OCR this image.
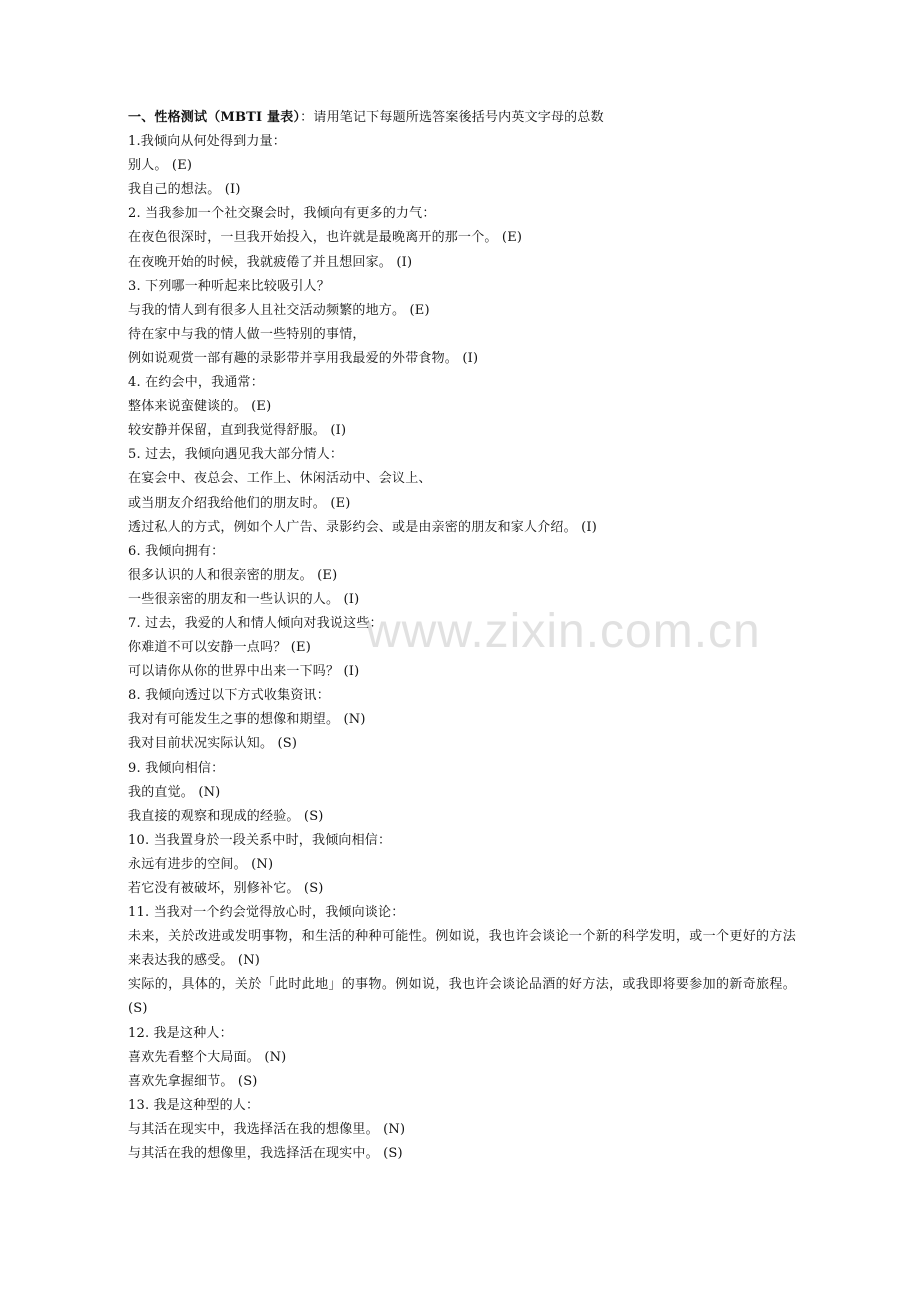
一、性格测试（MBTI 量表）：请用笔记下每题所选答案後括号内英文字母的总数
1.我倾向从何处得到力量：
别人。 (E)
我自己的想法。 (I)
2. 当我参加一个社交聚会时，我倾向有更多的力气：
在夜色很深时，一旦我开始投入，也许就是最晚离开的那一个。 (E)
在夜晚开始的时候，我就疲倦了并且想回家。 (I)
3. 下列哪一种听起来比较吸引人？
与我的情人到有很多人且社交活动频繁的地方。 (E)
待在家中与我的情人做一些特别的事情，
例如说观赏一部有趣的录影带并享用我最爱的外带食物。 (I)
4. 在约会中，我通常：
整体来说蛮健谈的。 (E)
较安静并保留，直到我觉得舒服。 (I)
5. 过去，我倾向遇见我大部分情人：
在宴会中、夜总会、工作上、休闲活动中、会议上、
或当朋友介绍我给他们的朋友时。 (E)
透过私人的方式，例如个人广告、录影约会、或是由亲密的朋友和家人介绍。 (I)
6. 我倾向拥有：
很多认识的人和很亲密的朋友。 (E)
一些很亲密的朋友和一些认识的人。 (I)
7. 过去，我爱的人和情人倾向对我说这些：
你难道不可以安静一点吗？ (E)
可以请你从你的世界中出来一下吗？ (I)
8. 我倾向透过以下方式收集资讯：
我对有可能发生之事的想像和期望。 (N)
我对目前状况实际认知。 (S)
9. 我倾向相信：
我的直觉。 (N)
我直接的观察和现成的经验。 (S)
10. 当我置身於一段关系中时，我倾向相信：
永远有进步的空间。 (N)
若它没有被破坏，别修补它。 (S)
11. 当我对一个约会觉得放心时，我倾向谈论：
未来，关於改进或发明事物，和生活的种种可能性。例如说，我也许会谈论一个新的科学发明，或一个更好的方法来表达我的感受。 (N)
实际的，具体的，关於「此时此地」的事物。例如说，我也许会谈论品酒的好方法，或我即将要参加的新奇旅程。 (S)
12. 我是这种人：
喜欢先看整个大局面。 (N)
喜欢先拿握细节。 (S)
13. 我是这种型的人：
与其活在现实中，我选择活在我的想像里。 (N)
与其活在我的想像里，我选择活在现实中。 (S)
www.zixin.com.cn
